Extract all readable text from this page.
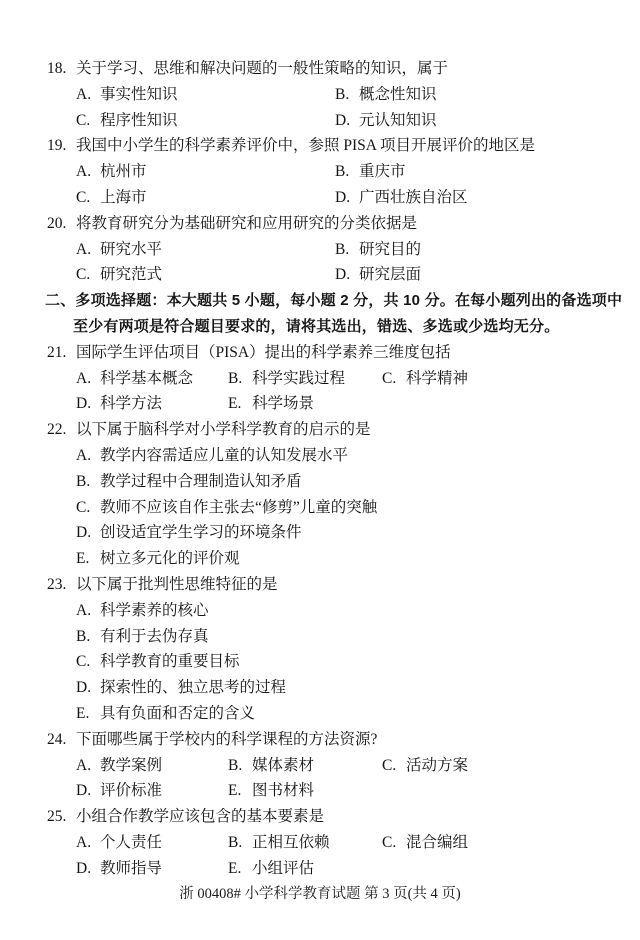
18. 关于学习、思维和解决问题的一般性策略的知识，属于
A. 事实性知识	B. 概念性知识
C. 程序性知识	D. 元认知知识
19. 我国中小学生的科学素养评价中，参照 PISA 项目开展评价的地区是
A. 杭州市	B. 重庆市
C. 上海市	D. 广西壮族自治区
20. 将教育研究分为基础研究和应用研究的分类依据是
A. 研究水平	B. 研究目的
C. 研究范式	D. 研究层面
二、多项选择题：本大题共 5 小题，每小题 2 分，共 10 分。在每小题列出的备选项中
至少有两项是符合题目要求的，请将其选出，错选、多选或少选均无分。
21. 国际学生评估项目（PISA）提出的科学素养三维度包括
A. 科学基本概念 B. 科学实践过程 C. 科学精神
D. 科学方法	E. 科学场景
22. 以下属于脑科学对小学科学教育的启示的是
A. 教学内容需适应儿童的认知发展水平
B. 教学过程中合理制造认知矛盾
C. 教师不应该自作主张去“修剪”儿童的突触
D. 创设适宜学生学习的环境条件
E. 树立多元化的评价观
23. 以下属于批判性思维特征的是
A. 科学素养的核心
B. 有利于去伪存真
C. 科学教育的重要目标
D. 探索性的、独立思考的过程
E. 具有负面和否定的含义
24. 下面哪些属于学校内的科学课程的方法资源?
A. 教学案例	B. 媒体素材	C. 活动方案
D. 评价标准	E. 图书材料
25. 小组合作教学应该包含的基本要素是
A. 个人责任	B. 正相互依赖	C. 混合编组
D. 教师指导	E. 小组评估
浙 00408# 小学科学教育试题 第 3 页(共 4 页)
